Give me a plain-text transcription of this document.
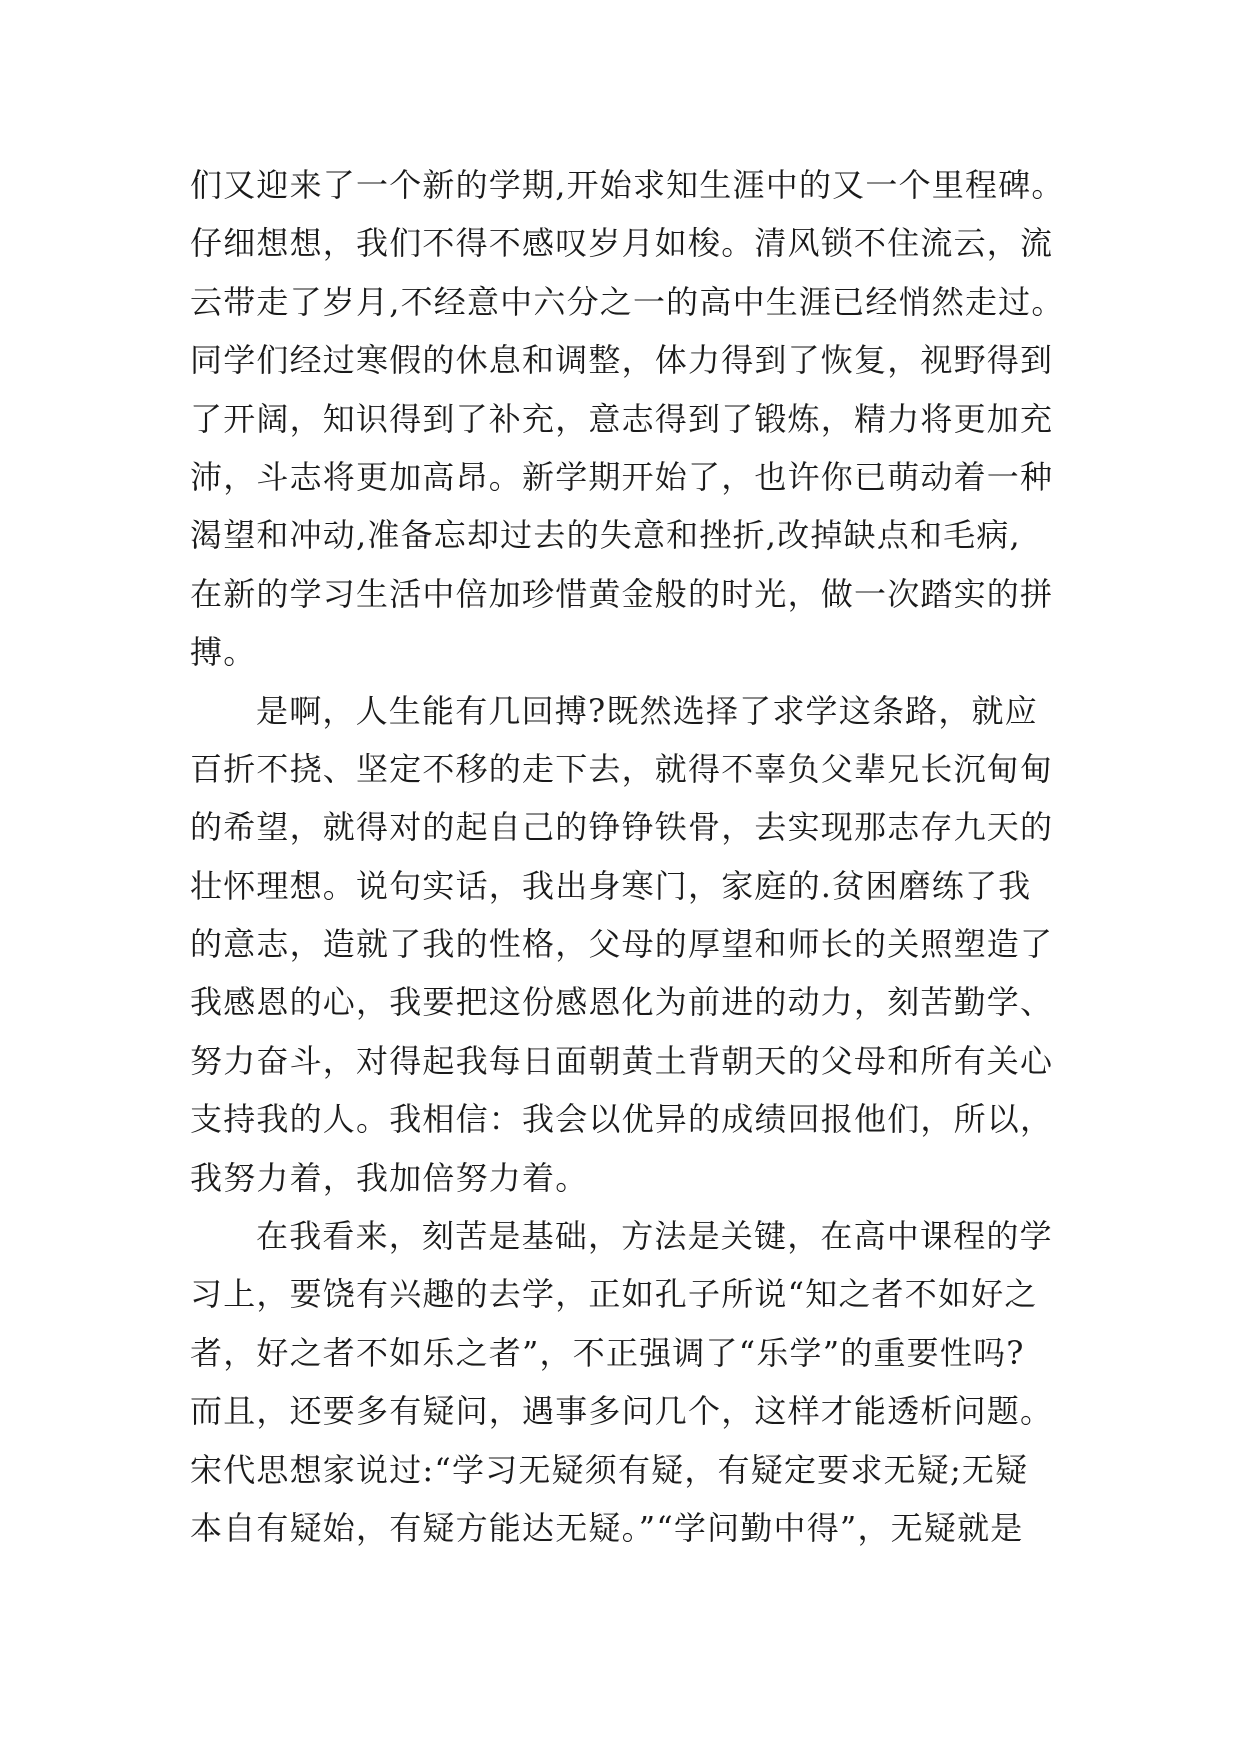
们又迎来了一个新的学期,开始求知生涯中的又一个里程碑。
仔细想想，我们不得不感叹岁月如梭。清风锁不住流云，流
云带走了岁月,不经意中六分之一的高中生涯已经悄然走过。
同学们经过寒假的休息和调整，体力得到了恢复，视野得到
了开阔，知识得到了补充，意志得到了锻炼，精力将更加充
沛，斗志将更加高昂。新学期开始了，也许你已萌动着一种
渴望和冲动,准备忘却过去的失意和挫折,改掉缺点和毛病,
在新的学习生活中倍加珍惜黄金般的时光，做一次踏实的拼
搏。
是啊，人生能有几回搏?既然选择了求学这条路，就应
百折不挠、坚定不移的走下去，就得不辜负父辈兄长沉甸甸
的希望，就得对的起自己的铮铮铁骨，去实现那志存九天的
壮怀理想。说句实话，我出身寒门，家庭的.贫困磨练了我
的意志，造就了我的性格，父母的厚望和师长的关照塑造了
我感恩的心，我要把这份感恩化为前进的动力，刻苦勤学、
努力奋斗，对得起我每日面朝黄土背朝天的父母和所有关心
支持我的人。我相信：我会以优异的成绩回报他们，所以，
我努力着，我加倍努力着。
在我看来，刻苦是基础，方法是关键，在高中课程的学
习上，要饶有兴趣的去学，正如孔子所说“知之者不如好之
者，好之者不如乐之者”，不正强调了“乐学”的重要性吗?
而且，还要多有疑问，遇事多问几个，这样才能透析问题。
宋代思想家说过:“学习无疑须有疑，有疑定要求无疑;无疑
本自有疑始，有疑方能达无疑。”“学问勤中得”，无疑就是
